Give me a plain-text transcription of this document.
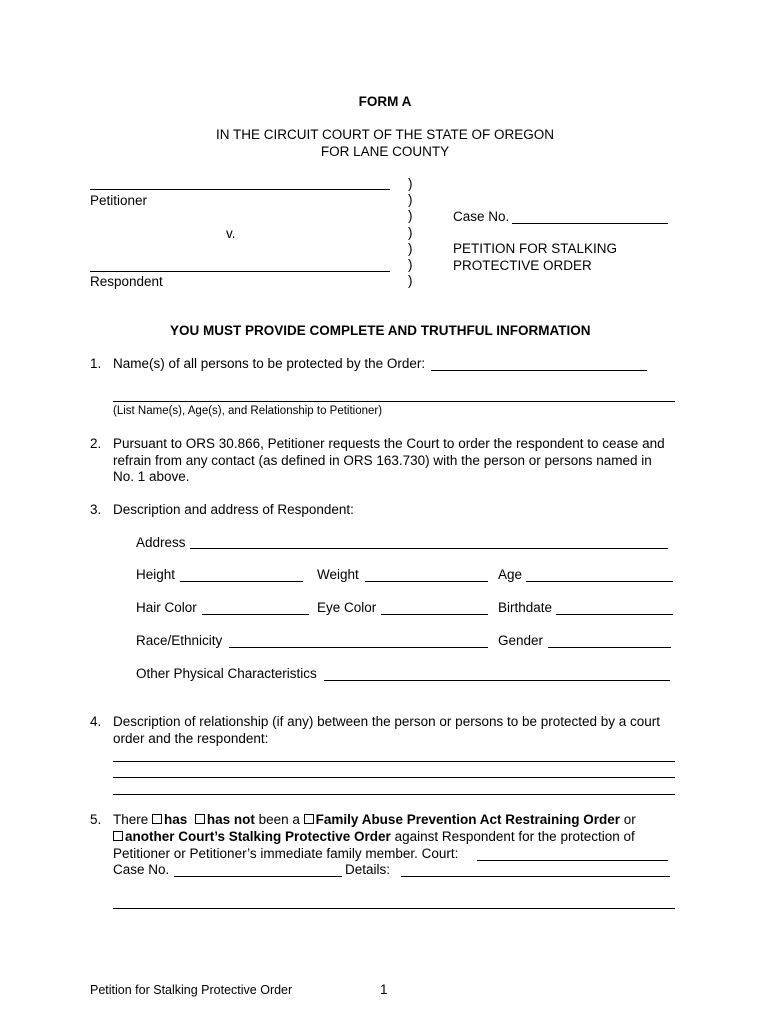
FORM A
IN THE CIRCUIT COURT OF THE STATE OF OREGON
FOR LANE COUNTY
Petitioner
v.
Respondent
)
)
)
)
)
)
)
Case No.
PETITION FOR STALKING
PROTECTIVE ORDER
YOU MUST PROVIDE COMPLETE AND TRUTHFUL INFORMATION
1. Name(s) of all persons to be protected by the Order:
(List Name(s), Age(s), and Relationship to Petitioner)
2. Pursuant to ORS 30.866, Petitioner requests the Court to order the respondent to cease and
refrain from any contact (as defined in ORS 163.730) with the person or persons named in
No. 1 above.
3. Description and address of Respondent:
Address
Height	Weight	Age
Hair Color	Eye Color	Birthdate
Race/Ethnicity	Gender
Other Physical Characteristics
4. Description of relationship (if any) between the person or persons to be protected by a court
order and the respondent:
5. There has has not been a Family Abuse Prevention Act Restraining Order or
another Court’s Stalking Protective Order against Respondent for the protection of
Petitioner or Petitioner’s immediate family member. Court:
Case No.	Details:
Petition for Stalking Protective Order	1
